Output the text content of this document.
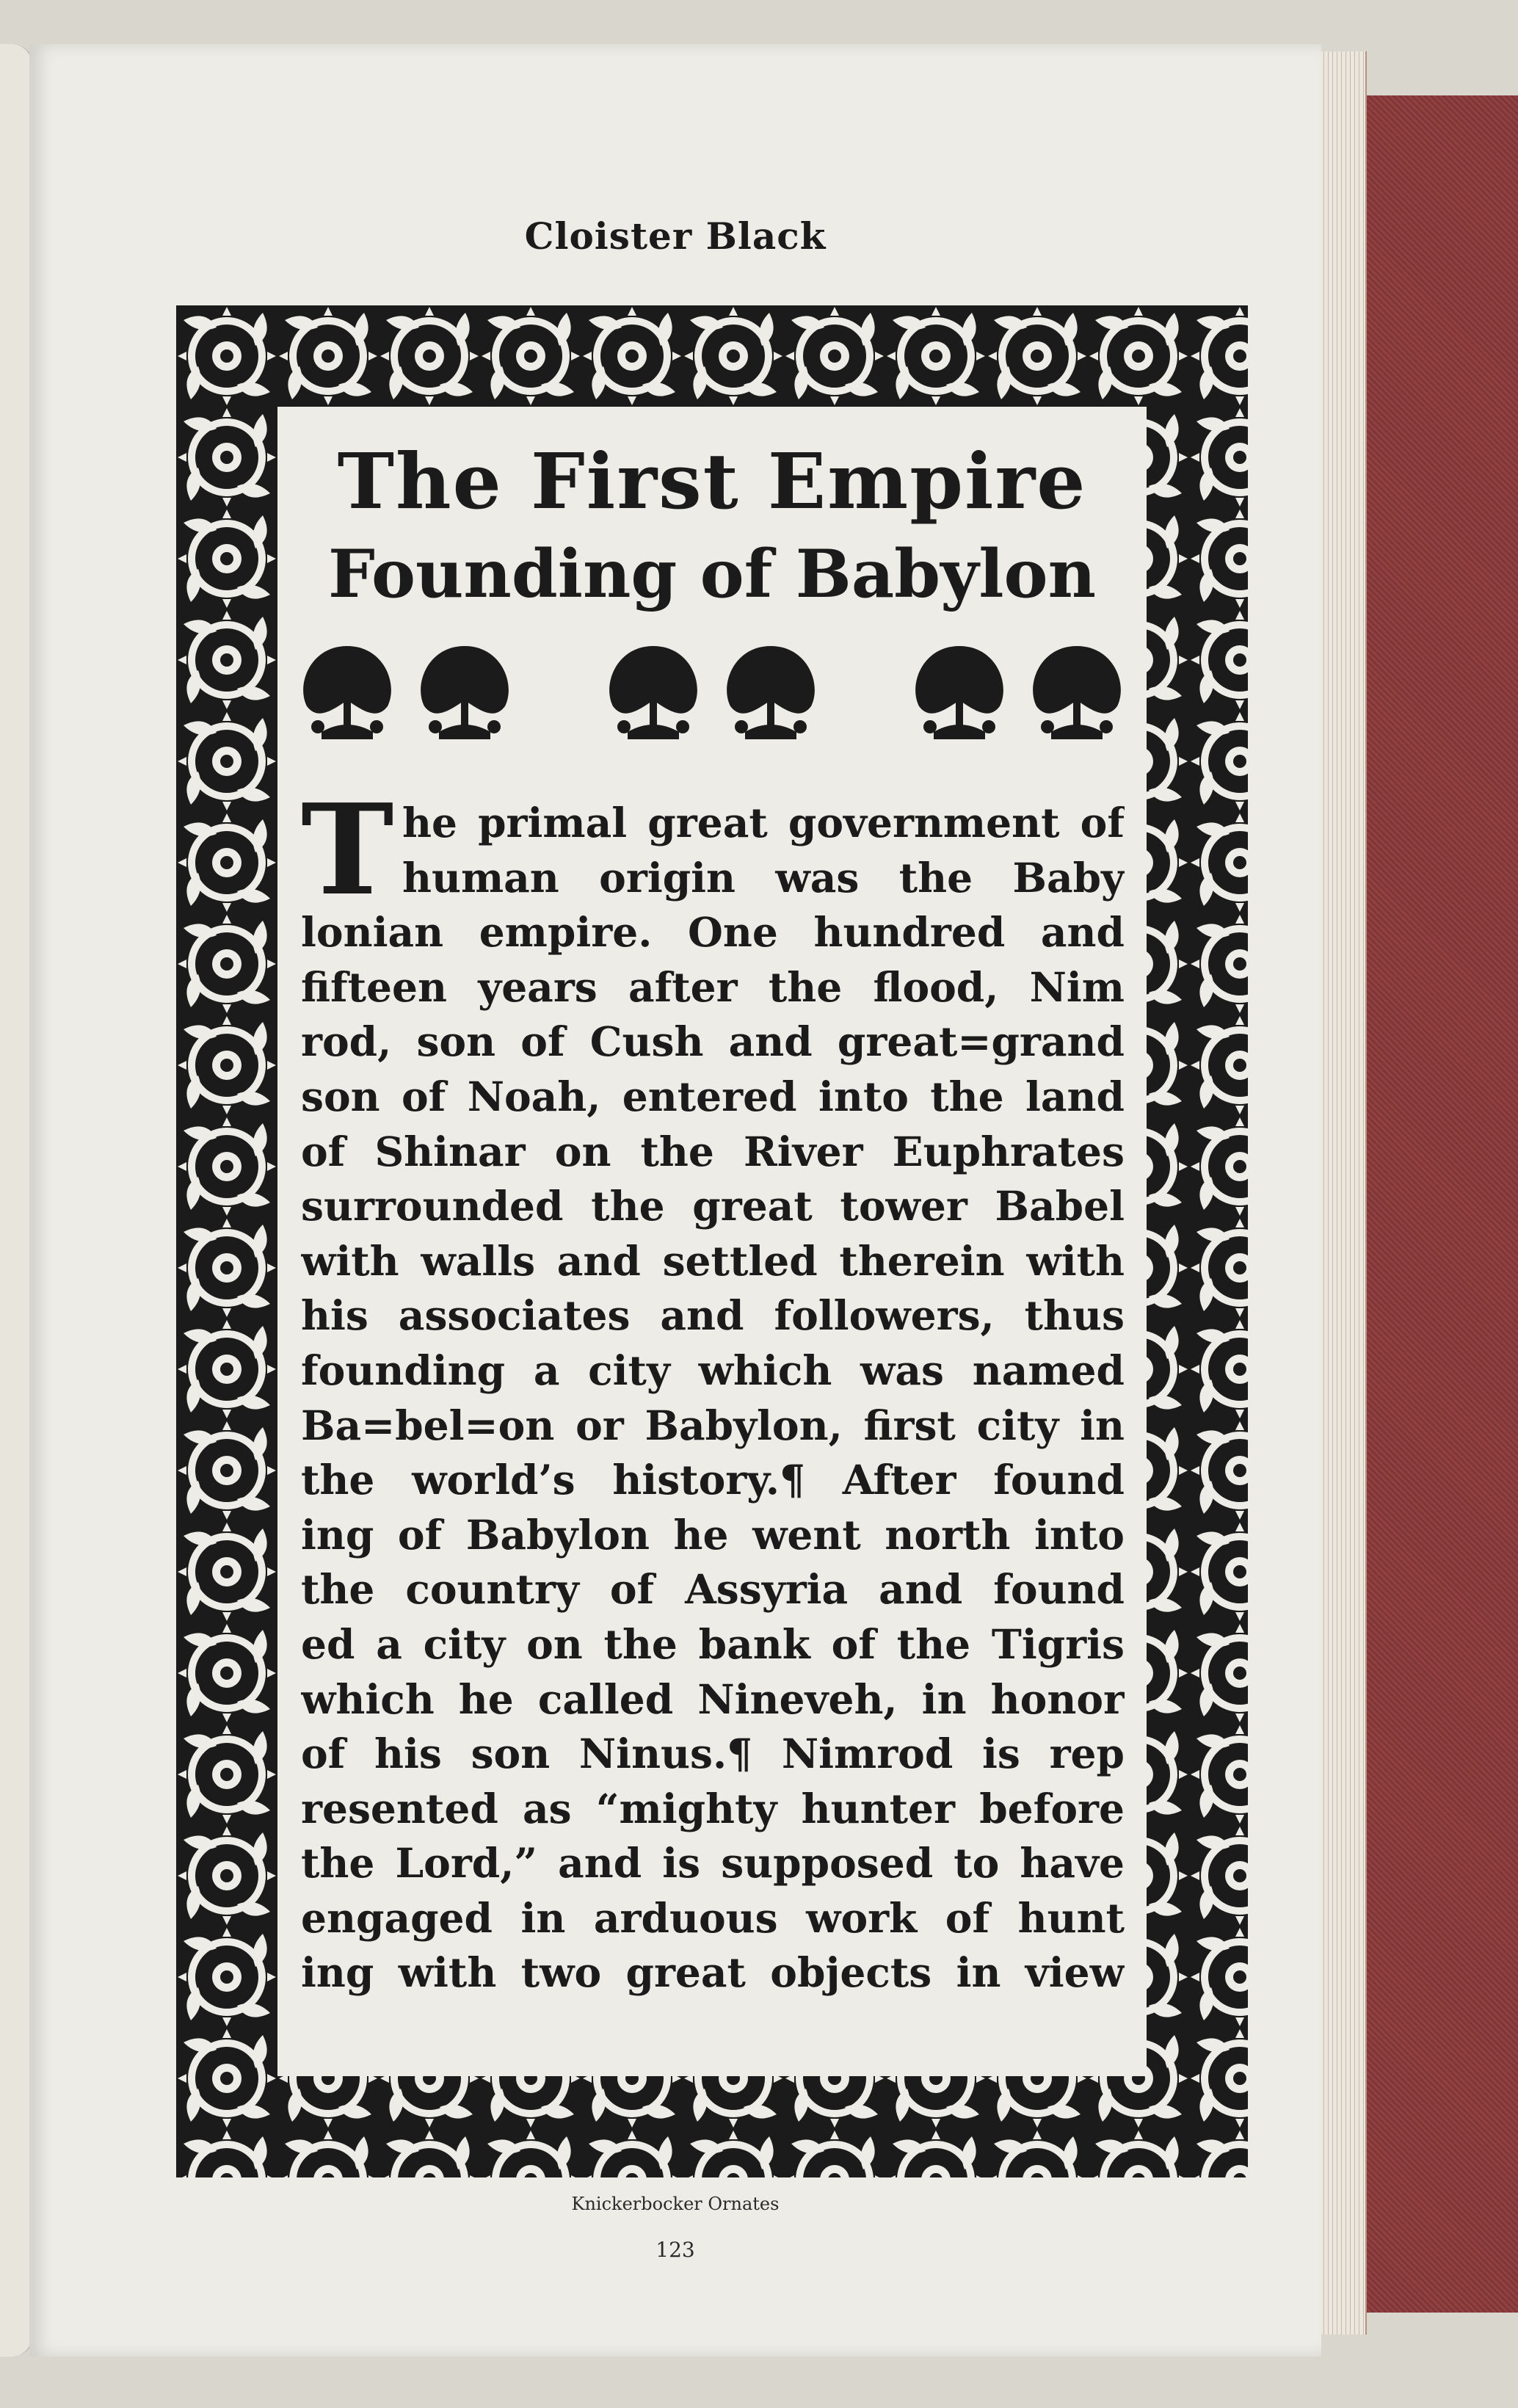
Cloister Black
The First Empire
Founding of Babylon
T he primal great government of
human origin was the Baby
lonian empire. One hundred and
fifteen years after the flood, Nim
rod, son of Cush and great=grand
son of Noah, entered into the land
of Shinar on the River Euphrates
surrounded the great tower Babel
with walls and settled therein with
his associates and followers, thus
founding a city which was named
Ba=bel=on or Babylon, first city in
the world’s history.¶ After found
ing of Babylon he went north into
the country of Assyria and found
ed a city on the bank of the Tigris
which he called Nineveh, in honor
of his son Ninus.¶ Nimrod is rep
resented as “mighty hunter before
the Lord,” and is supposed to have
engaged in arduous work of hunt
ing with two great objects in view
Knickerbocker Ornates
123
